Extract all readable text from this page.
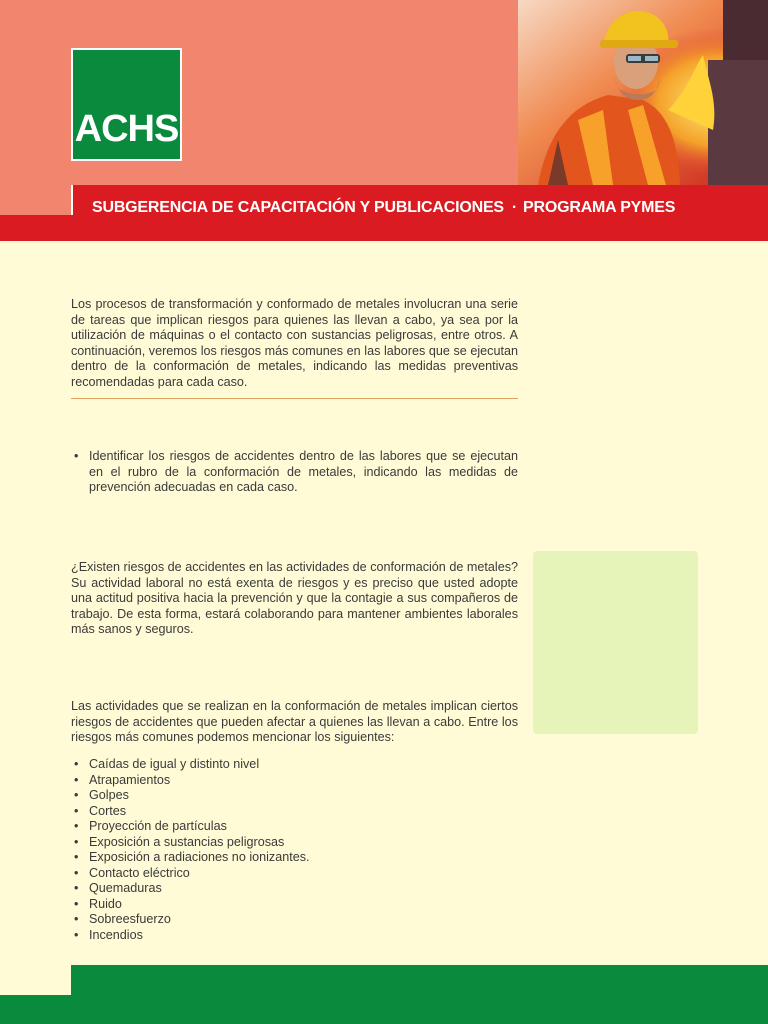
ACHS
SUBGERENCIA DE CAPACITACIÓN Y PUBLICACIONES · PROGRAMA PYMES

Los procesos de transformación y conformado de metales involucran una serie de tareas que implican riesgos para quienes las llevan a cabo, ya sea por la utilización de máquinas o el contacto con sustancias peligrosas, entre otros. A continuación, veremos los riesgos más comunes en las labores que se ejecutan dentro de la conformación de metales, indicando las medidas preventivas recomendadas para cada caso.

• Identificar los riesgos de accidentes dentro de las labores que se ejecutan en el rubro de la conformación de metales, indicando las medidas de prevención adecuadas en cada caso.

¿Existen riesgos de accidentes en las actividades de conformación de metales? Su actividad laboral no está exenta de riesgos y es preciso que usted adopte una actitud positiva hacia la prevención y que la contagie a sus compañeros de trabajo. De esta forma, estará colaborando para mantener ambientes laborales más sanos y seguros.

Las actividades que se realizan en la conformación de metales implican ciertos riesgos de accidentes que pueden afectar a quienes las llevan a cabo. Entre los riesgos más comunes podemos mencionar los siguientes:

• Caídas de igual y distinto nivel
• Atrapamientos
• Golpes
• Cortes
• Proyección de partículas
• Exposición a sustancias peligrosas
• Exposición a radiaciones no ionizantes.
• Contacto eléctrico
• Quemaduras
• Ruido
• Sobreesfuerzo
• Incendios
